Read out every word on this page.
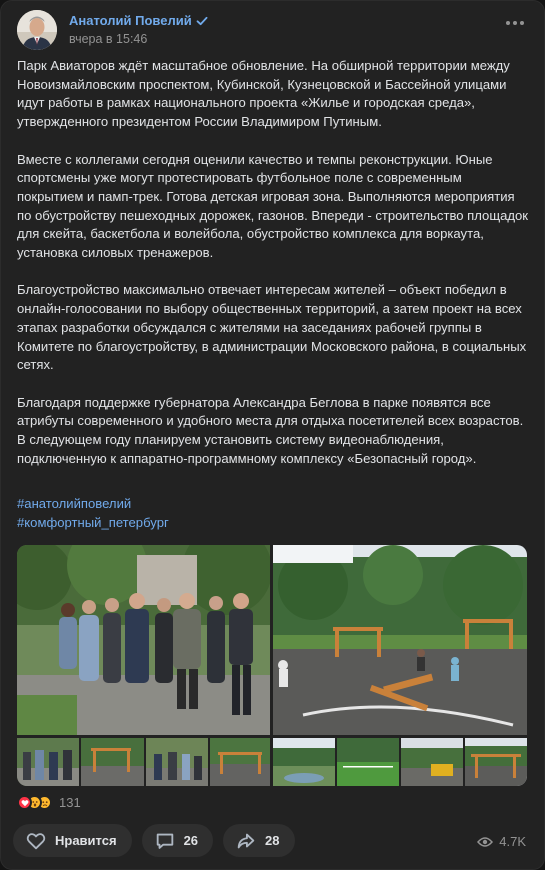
Анатолий Повелий
вчера в 15:46

Парк Авиаторов ждёт масштабное обновление. На обширной территории между Новоизмайловским проспектом, Кубинской, Кузнецовской и Бассейной улицами идут работы в рамках национального проекта «Жилье и городская среда», утвержденного президентом России Владимиром Путиным.

Вместе с коллегами сегодня оценили качество и темпы реконструкции. Юные спортсмены уже могут протестировать футбольное поле с современным покрытием и памп-трек. Готова детская игровая зона. Выполняются мероприятия по обустройству пешеходных дорожек, газонов. Впереди - строительство площадок для скейта, баскетбола и волейбола, обустройство комплекса для воркаута, установка силовых тренажеров.

Благоустройство максимально отвечает интересам жителей – объект победил в онлайн-голосовании по выбору общественных территорий, а затем проект на всех этапах разработки обсуждался с жителями на заседаниях рабочей группы в Комитете по благоустройству, в администрации Московского района, в социальных сетях.

Благодаря поддержке губернатора Александра Беглова в парке появятся все атрибуты современного и удобного места для отдыха посетителей всех возрастов. В следующем году планируем установить систему видеонаблюдения, подключенную к аппаратно-программному комплексу «Безопасный город».

#анатолийповелий
#комфортный_петербург
131
Нравится	26	28	4.7K
